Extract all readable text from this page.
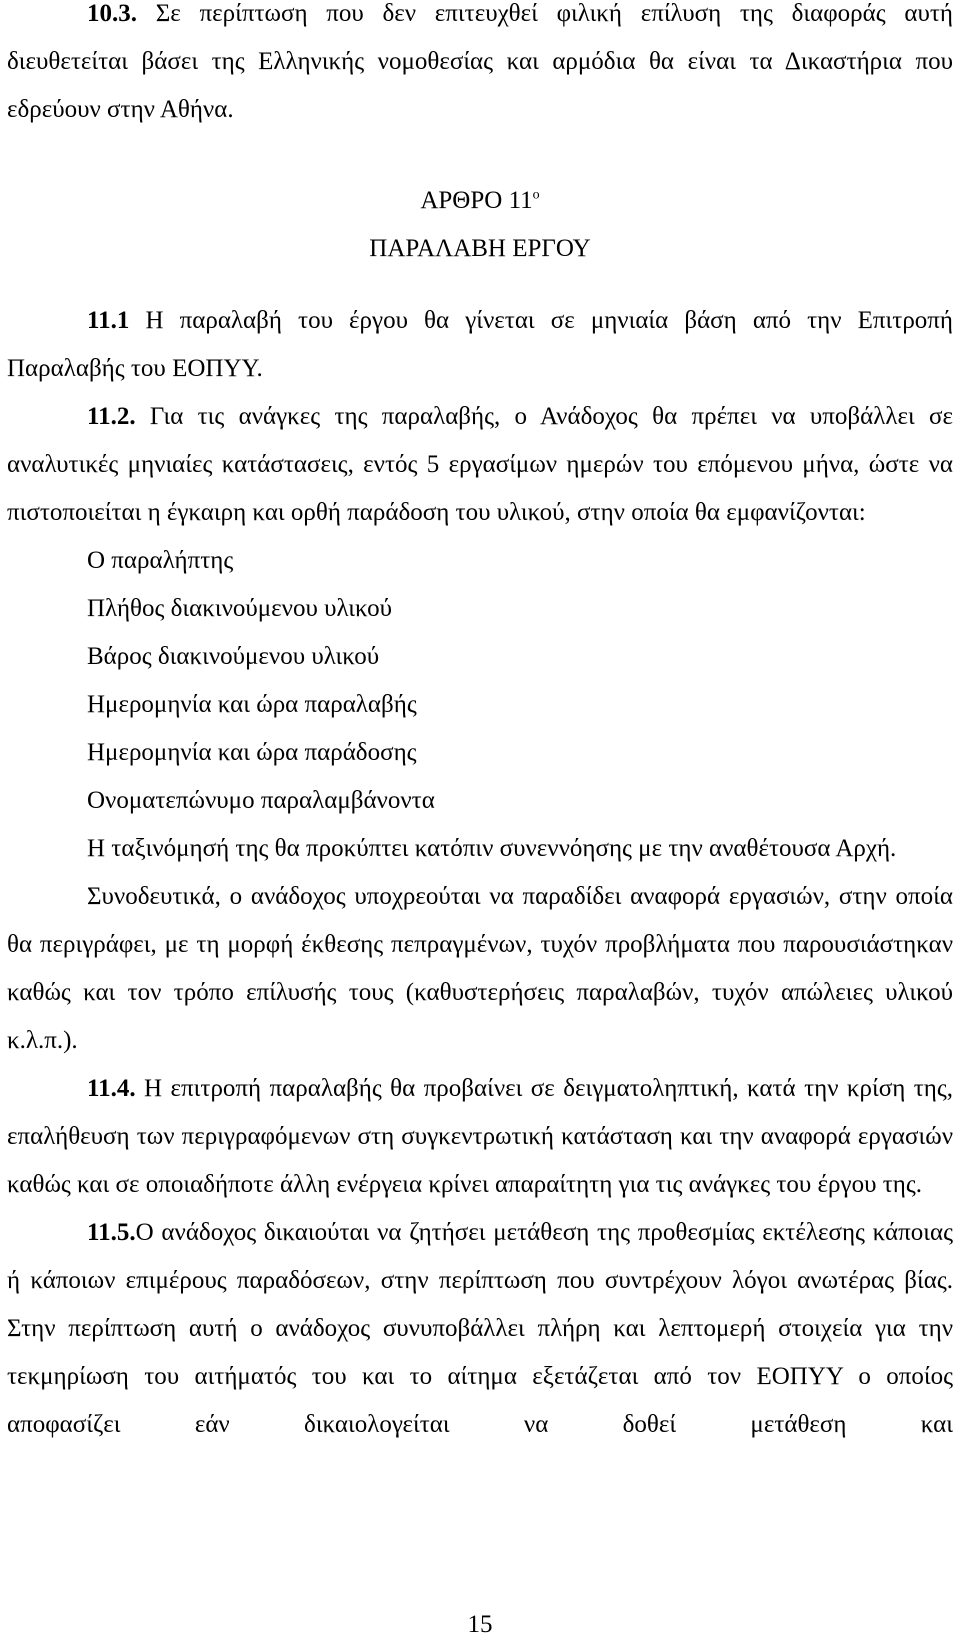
10.3. Σε περίπτωση που δεν επιτευχθεί φιλική επίλυση της διαφοράς αυτή διευθετείται βάσει της Ελληνικής νομοθεσίας και αρμόδια θα είναι τα Δικαστήρια που εδρεύουν στην Αθήνα.

ΑΡΘΡΟ $11^o$

ΠΑΡΑΛΑΒΗ ΕΡΓΟΥ

11.1 Η παραλαβή του έργου θα γίνεται σε μηνιαία βάση από την Επιτροπή Παραλαβής του ΕΟΠΥΥ.

11.2. Για τις ανάγκες της παραλαβής, ο Ανάδοχος θα πρέπει να υποβάλλει σε αναλυτικές μηνιαίες κατάστασεις, εντός 5 εργασίμων ημερών του επόμενου μήνα, ώστε να πιστοποιείται η έγκαιρη και ορθή παράδοση του υλικού, στην οποία θα εμφανίζονται:

Ο παραλήπτης

Πλήθος διακινούμενου υλικού

Βάρος διακινούμενου υλικού

Ημερομηνία και ώρα παραλαβής

Ημερομηνία και ώρα παράδοσης

Ονοματεπώνυμο παραλαμβάνοντα

Η ταξινόμησή της θα προκύπτει κατόπιν συνεννόησης με την αναθέτουσα Αρχή.

Συνοδευτικά, ο ανάδοχος υποχρεούται να παραδίδει αναφορά εργασιών, στην οποία θα περιγράφει, με τη μορφή έκθεσης πεπραγμένων, τυχόν προβλήματα που παρουσιάστηκαν καθώς και τον τρόπο επίλυσής τους (καθυστερήσεις παραλαβών, τυχόν απώλειες υλικού κ.λ.π.).

11.4. Η επιτροπή παραλαβής θα προβαίνει σε δειγματοληπτική, κατά την κρίση της, επαλήθευση των περιγραφόμενων στη συγκεντρωτική κατάσταση και την αναφορά εργασιών καθώς και σε οποιαδήποτε άλλη ενέργεια κρίνει απαραίτητη για τις ανάγκες του έργου της.

11.5.Ο ανάδοχος δικαιούται να ζητήσει μετάθεση της προθεσμίας εκτέλεσης κάποιας ή κάποιων επιμέρους παραδόσεων, στην περίπτωση που συντρέχουν λόγοι ανωτέρας βίας. Στην περίπτωση αυτή ο ανάδοχος συνυποβάλλει πλήρη και λεπτομερή στοιχεία για την τεκμηρίωση του αιτήματός του και το αίτημα εξετάζεται από τον ΕΟΠΥΥ ο οποίος αποφασίζει εάν δικαιολογείται να δοθεί μετάθεση και

15
